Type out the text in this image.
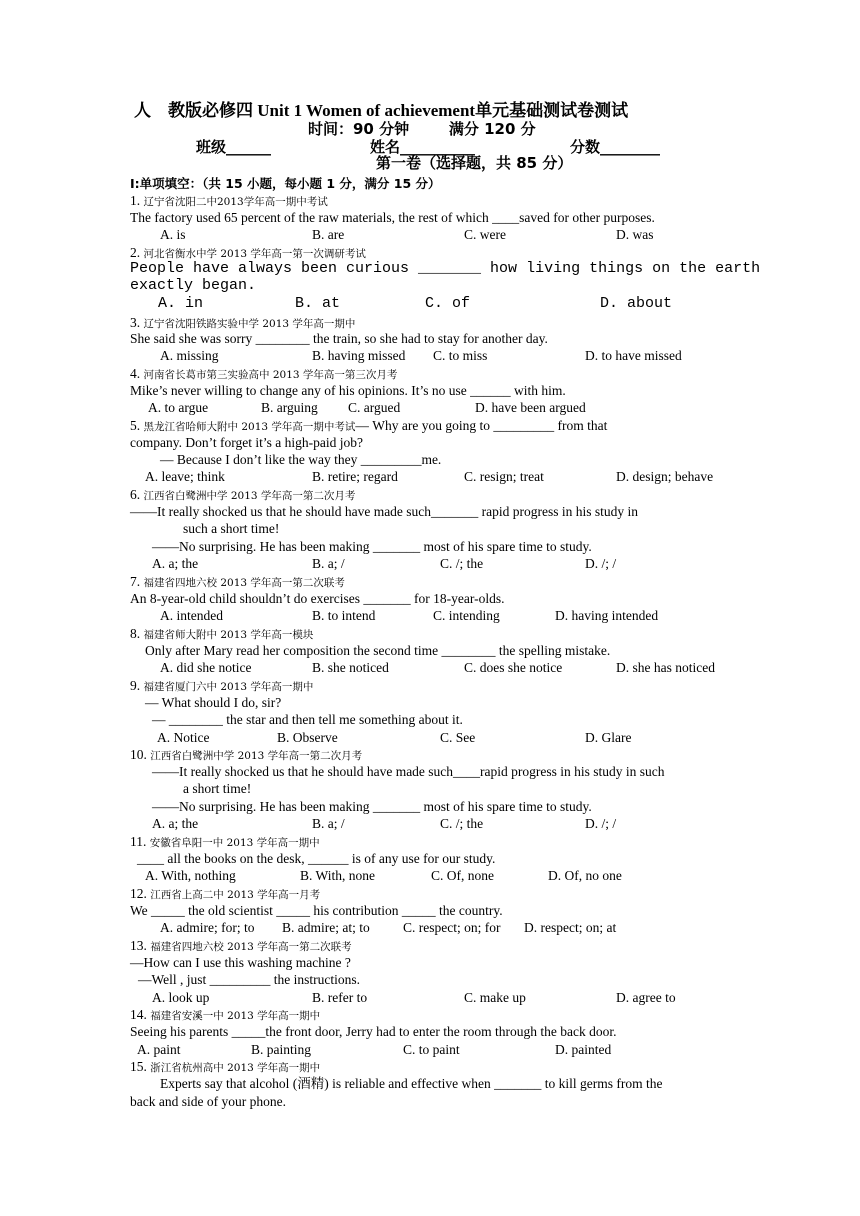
人　教版必修四 Unit 1 Women of achievement单元基础测试卷测试
时间：90 分钟	满分 120 分
班级______	姓名__________	分数________
第一卷（选择题，共 85 分）
I:单项填空：（共 15 小题，每小题 1 分，满分 15 分）
1. 辽宁省沈阳二中2013学年高一期中考试
The factory used 65 percent of the raw materials, the rest of which ____saved for other purposes.
A. is	B. are	C. were	D. was
2. 河北省衡水中学 2013 学年高一第一次调研考试
People have always been curious _______ how living things on the earth
exactly began.
A. in	B. at	C. of	D. about
3. 辽宁省沈阳铁路实验中学 2013 学年高一期中
She said she was sorry ________ the train, so she had to stay for another day.
A. missing	B. having missed C. to miss	D. to have missed
4. 河南省长葛市第三实验高中 2013 学年高一第三次月考
Mike’s never willing to change any of his opinions. It’s no use ______ with him.
A. to argue	B. arguing C. argued	D. have been argued
5. 黑龙江省哈师大附中 2013 学年高一期中考试— Why are you going to _________ from that
company. Don’t forget it’s a high-paid job?
— Because I don’t like the way they _________me.
A. leave; think	B. retire; regard	C. resign; treat	D. design; behave
6. 江西省白鹭洲中学 2013 学年高一第二次月考
——It really shocked us that he should have made such_______ rapid progress in his study in
such a short time!
——No surprising. He has been making _______ most of his spare time to study.
A. a; the	B. a; /	C. /; the	D. /; /
7. 福建省四地六校 2013 学年高一第二次联考
An 8-year-old child shouldn’t do exercises _______ for 18-year-olds.
A. intended	B. to intend	C. intending	D. having intended
8. 福建省师大附中 2013 学年高一模块
Only after Mary read her composition the second time ________ the spelling mistake.
A. did she notice	B. she noticed	C. does she notice	D. she has noticed
9. 福建省厦门六中 2013 学年高一期中
— What should I do, sir?
— ________ the star and then tell me something about it.
A. Notice	B. Observe	C. See	D. Glare
10. 江西省白鹭洲中学 2013 学年高一第二次月考
——It really shocked us that he should have made such____rapid progress in his study in such
a short time!
——No surprising. He has been making _______ most of his spare time to study.
A. a; the	B. a; /	C. /; the	D. /; /
11. 安徽省阜阳一中 2013 学年高一期中
____ all the books on the desk, ______ is of any use for our study.
A. With, nothing	B. With, none	C. Of, none	D. Of, no one
12. 江西省上高二中 2013 学年高一月考
We _____ the old scientist _____ his contribution _____ the country.
A. admire; for; to B. admire; at; to C. respect; on; for D. respect; on; at
13. 福建省四地六校 2013 学年高一第二次联考
—How can I use this washing machine ?
—Well , just _________ the instructions.
A. look up	B. refer to	C. make up	D. agree to
14. 福建省安溪一中 2013 学年高一期中
Seeing his parents _____the front door, Jerry had to enter the room through the back door.
A. paint	B. painting	C. to paint	D. painted
15. 浙江省杭州高中 2013 学年高一期中
Experts say that alcohol (酒精) is reliable and effective when _______ to kill germs from the
back and side of your phone.
